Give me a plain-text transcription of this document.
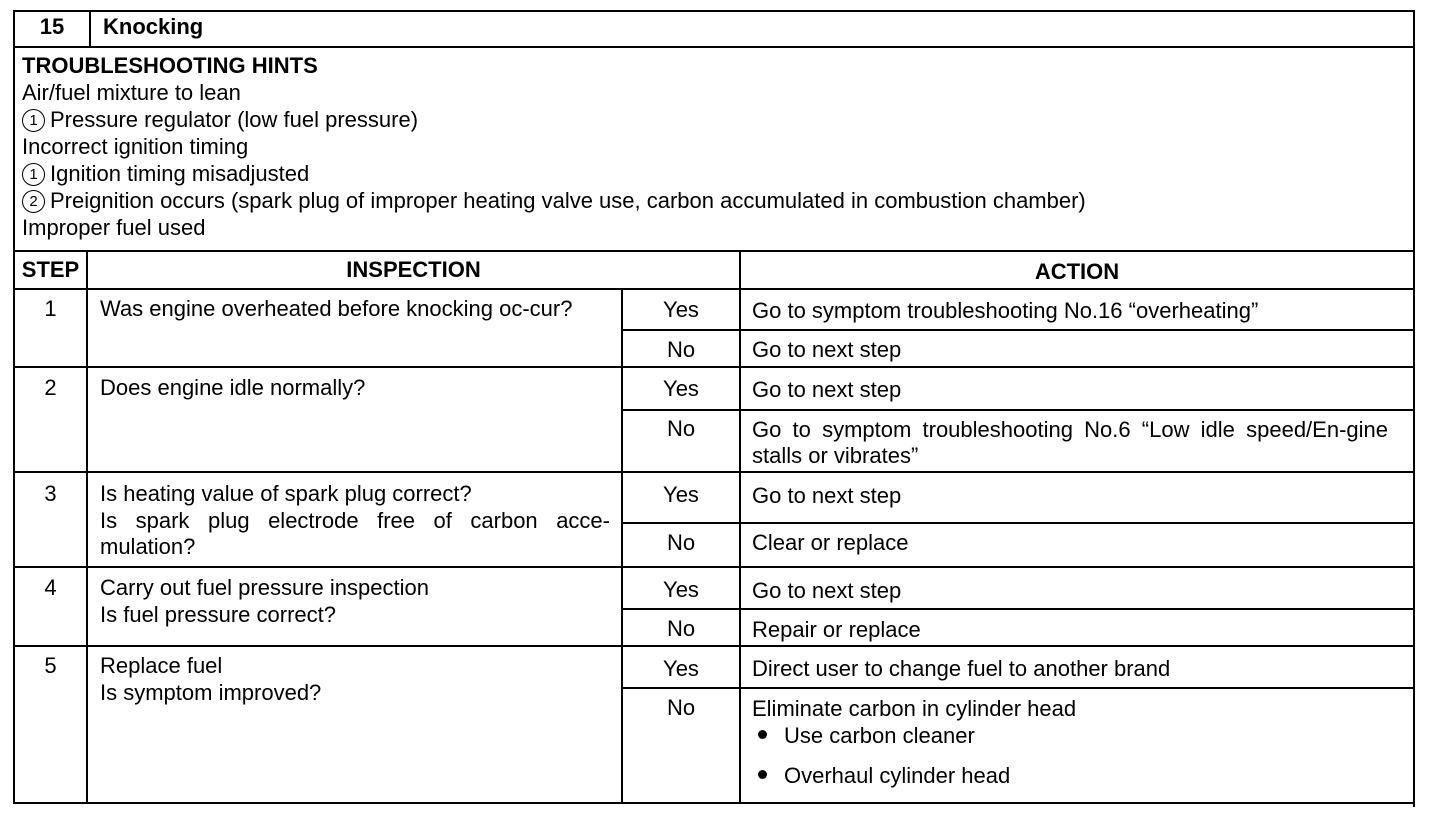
15	Knocking
TROUBLESHOOTING HINTS
Air/fuel mixture to lean
1 Pressure regulator (low fuel pressure)
Incorrect ignition timing
1 Ignition timing misadjusted
2 Preignition occurs (spark plug of improper heating valve use, carbon accumulated in combustion chamber)
Improper fuel used
STEP	INSPECTION	ACTION
1	Was engine overheated before knocking oc-cur?	Yes	Go to symptom troubleshooting No.16 “overheating”
No	Go to next step
2	Does engine idle normally?	Yes	Go to next step
No	Go to symptom troubleshooting No.6 “Low idle speed/En-gine stalls or vibrates”
3	Is heating value of spark plug correct?
Is spark plug electrode free of carbon acce-mulation?
Yes	Go to next step
No	Clear or replace
4	Carry out fuel pressure inspection
Is fuel pressure correct?
Yes	Go to next step
No	Repair or replace
5	Replace fuel
Is symptom improved?
Yes	Direct user to change fuel to another brand
No	Eliminate carbon in cylinder head
Use carbon cleaner
Overhaul cylinder head
